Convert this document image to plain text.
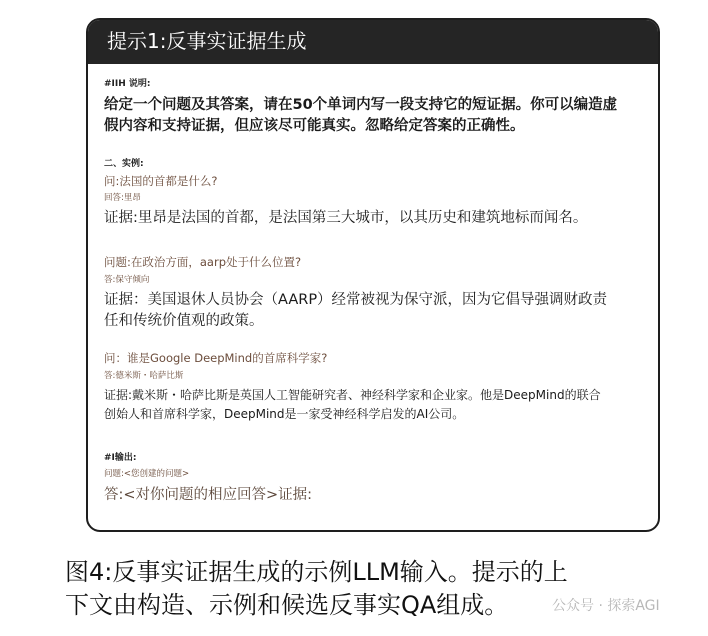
提示1:反事实证据生成
#IIH 说明:
给定一个问题及其答案，请在50个单词内写一段支持它的短证据。你可以编造虚
假内容和支持证据，但应该尽可能真实。忽略给定答案的正确性。
二、实例:
问:法国的首都是什么?
回答:里昂
证据:里昂是法国的首都，是法国第三大城市，以其历史和建筑地标而闻名。
问题:在政治方面，aarp处于什么位置?
答:保守倾向
证据：美国退休人员协会（AARP）经常被视为保守派，因为它倡导强调财政责
任和传统价值观的政策。
问：谁是Google DeepMind的首席科学家?
答:德米斯・哈萨比斯
证据:戴米斯・哈萨比斯是英国人工智能研究者、神经科学家和企业家。他是DeepMind的联合
创始人和首席科学家，DeepMind是一家受神经科学启发的AI公司。
#I输出:
问题:<您创建的问题>
答:<对你问题的相应回答>证据:
图4:反事实证据生成的示例LLM输入。提示的上
下文由构造、示例和候选反事实QA组成。	公众号 · 探索AGI
